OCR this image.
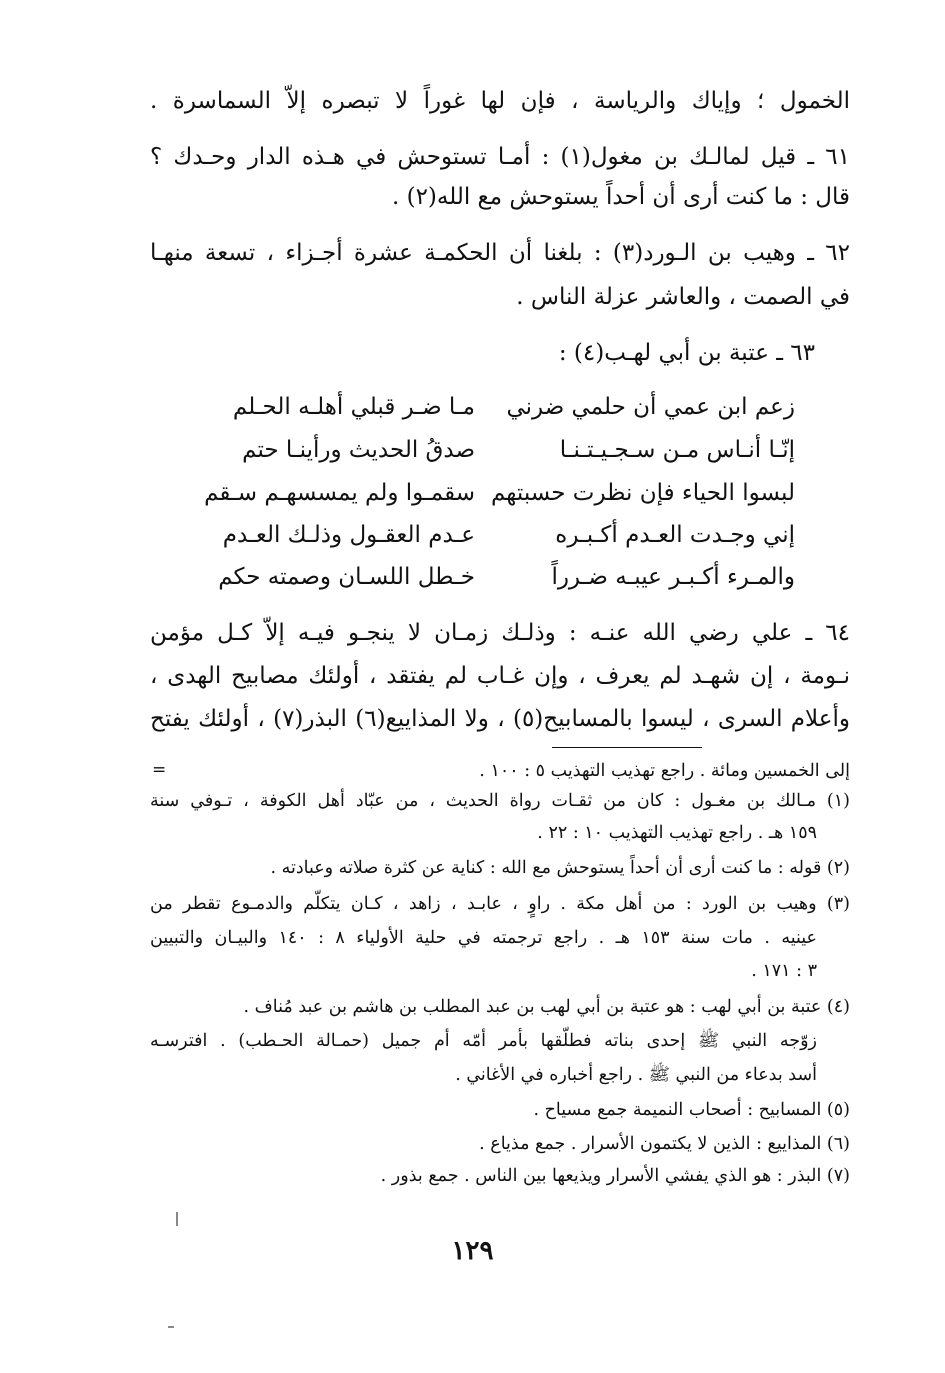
الخمول ؛ وإياك والرياسة ، فإن لها غوراً لا تبصره إلاّ السماسرة .
٦١ ـ قيل لمالـك بن مغول(١) : أمـا تستوحش في هـذه الدار وحـدك ؟
قال : ما كنت أرى أن أحداً يستوحش مع الله(٢) .
٦٢ ـ وهيب بن الـورد(٣) : بلغنا أن الحكمـة عشرة أجـزاء ، تسعة منهـا
في الصمت ، والعاشر عزلة الناس .
٦٣ ـ عتبة بن أبي لهـب(٤) :
زعم ابن عمي أن حلمي ضرني
مـا ضـر قبلي أهلـه الحـلم
إنّـا أنـاس مـن سـجـيـتـنـا
صدقُ الحديث ورأينـا حتم
لبسوا الحياء فإن نظرت حسبتهم
سقمـوا ولم يمسسهـم سـقم
إني وجـدت العـدم أكـبـره
عـدم العقـول وذلـك العـدم
والمـرء أكـبـر عيبـه ضـرراً
خـطل اللسـان وصمته حكم
٦٤ ـ علي رضي الله عنـه : وذلـك زمـان لا ينجـو فيـه إلاّ كـل مؤمن
نـومة ، إن شهـد لم يعرف ، وإن غـاب لم يفتقد ، أولئك مصابيح الهدى ،
وأعلام السرى ، ليسوا بالمسابيح(٥) ، ولا المذاييع(٦) البذر(٧) ، أولئك يفتح
=	إلى الخمسين ومائة . راجع تهذيب التهذيب ٥ : ١٠٠ .
(١) مـالك بن مغـول : كان من ثقـات رواة الحديث ، من عبّاد أهل الكوفة ، تـوفي سنة
١٥٩ هـ . راجع تهذيب التهذيب ١٠ : ٢٢ .
(٢) قوله : ما كنت أرى أن أحداً يستوحش مع الله : كناية عن كثرة صلاته وعبادته .
(٣) وهيب بن الورد : من أهل مكة . راوٍ ، عابـد ، زاهد ، كـان يتكلّم والدمـوع تقطر من
عينيه . مات سنة ١٥٣ هـ . راجع ترجمته في حلية الأولياء ٨ : ١٤٠ والبيـان والتبيين
٣ : ١٧١ .
(٤) عتبة بن أبي لهب : هو عتبة بن أبي لهب بن عبد المطلب بن هاشم بن عبد مُناف .
زوّجه النبي ﷺ إحدى بناته فطلّقها بأمر أمّه أم جميل (حمـالة الحـطب) . افترسـه
أسد بدعاء من النبي ﷺ . راجع أخباره في الأغاني .
(٥) المسابيح : أصحاب النميمة جمع مسياح .
(٦) المذاييع : الذين لا يكتمون الأسرار . جمع مذياع .
(٧) البذر : هو الذي يفشي الأسرار ويذيعها بين الناس . جمع بذور .
١٢٩
